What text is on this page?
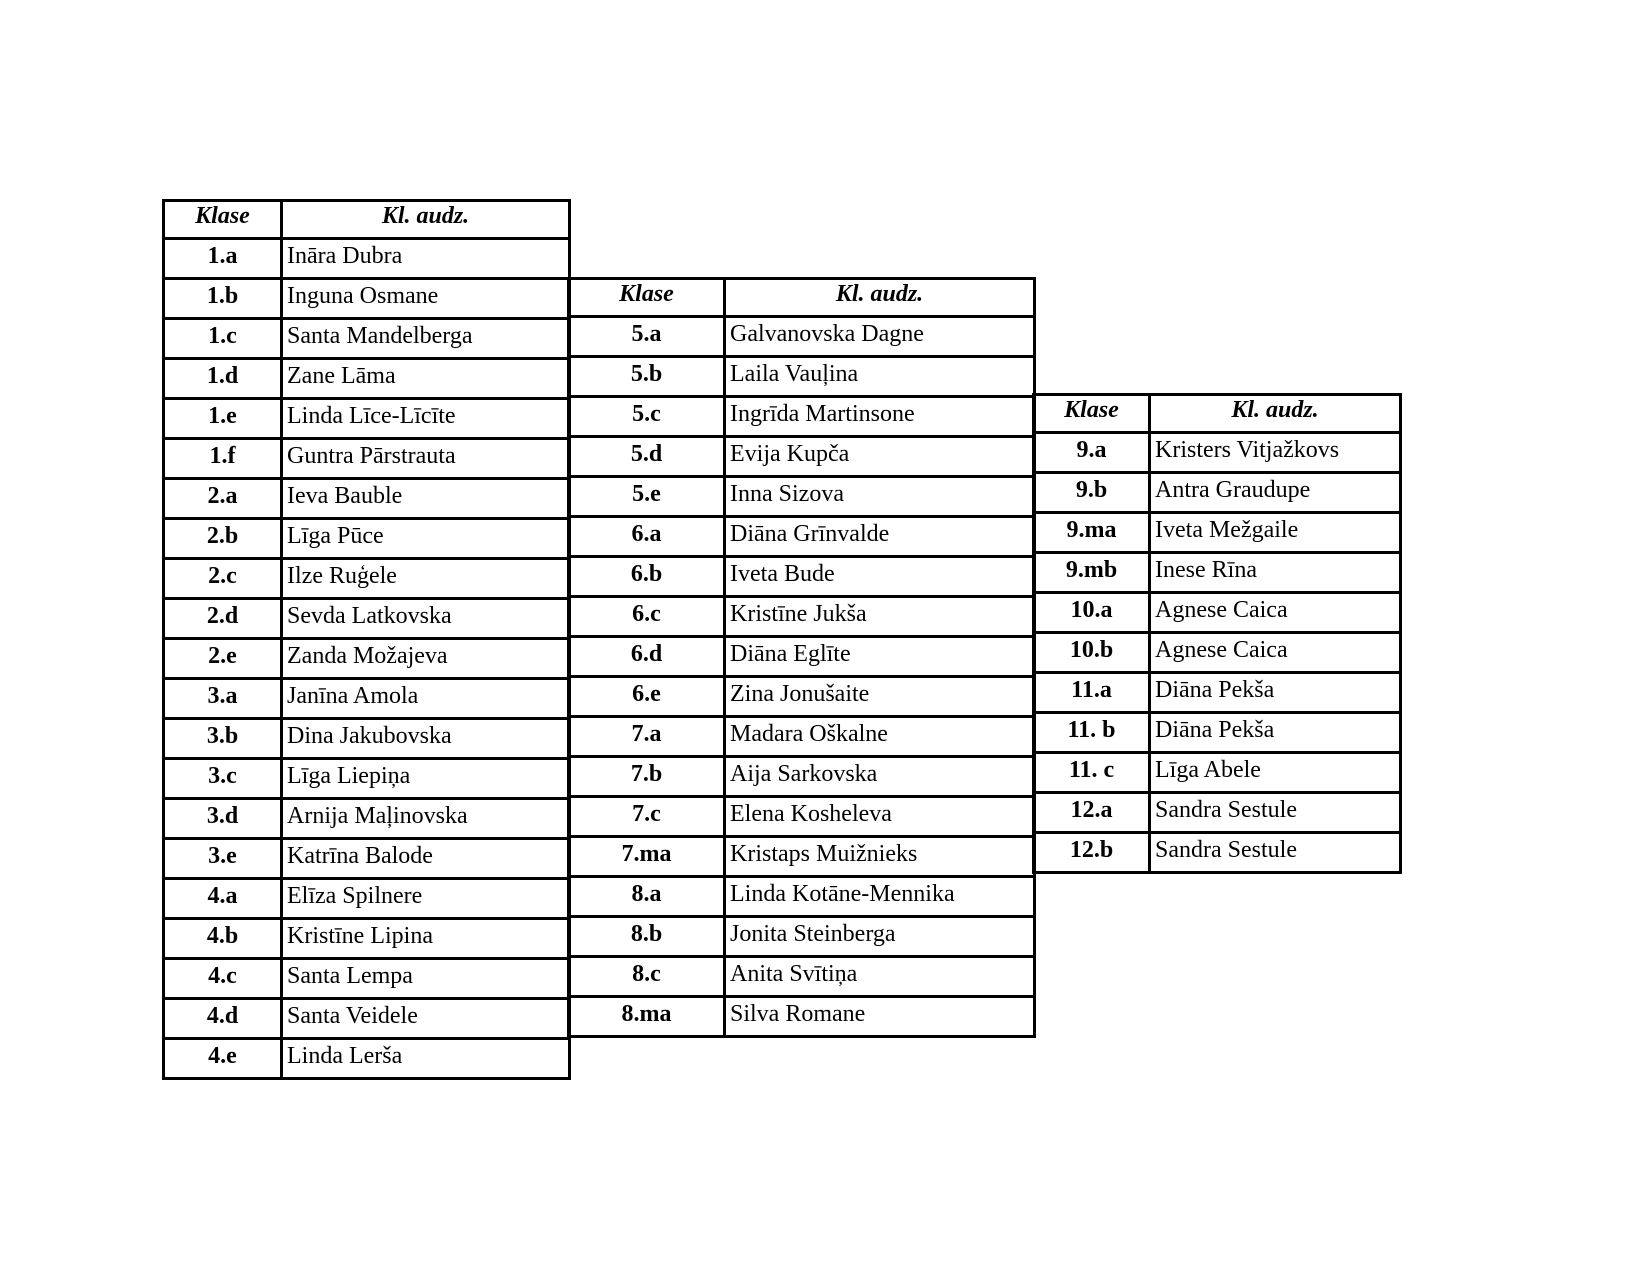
Klase	Kl. audz.
1.a	Ināra Dubra
1.b	Inguna Osmane
1.c	Santa Mandelberga
1.d	Zane Lāma
1.e	Linda Līce-Līcīte
1.f	Guntra Pārstrauta
2.a	Ieva Bauble
2.b	Līga Pūce
2.c	Ilze Ruģele
2.d	Sevda Latkovska
2.e	Zanda Možajeva
3.a	Janīna Amola
3.b	Dina Jakubovska
3.c	Līga Liepiņa
3.d	Arnija Maļinovska
3.e	Katrīna Balode
4.a	Elīza Spilnere
4.b	Kristīne Lipina
4.c	Santa Lempa
4.d	Santa Veidele
4.e	Linda Lerša
Klase	Kl. audz.
5.a	Galvanovska Dagne
5.b	Laila Vauļina
5.c	Ingrīda Martinsone
5.d	Evija Kupča
5.e	Inna Sizova
6.a	Diāna Grīnvalde
6.b	Iveta Bude
6.c	Kristīne Jukša
6.d	Diāna Eglīte
6.e	Zina Jonušaite
7.a	Madara Oškalne
7.b	Aija Sarkovska
7.c	Elena Kosheleva
7.ma	Kristaps Muižnieks
8.a	Linda Kotāne-Mennika
8.b	Jonita Steinberga
8.c	Anita Svītiņa
8.ma	Silva Romane
Klase	Kl. audz.
9.a	Kristers Vitjažkovs
9.b	Antra Graudupe
9.ma	Iveta Mežgaile
9.mb	Inese Rīna
10.a	Agnese Caica
10.b	Agnese Caica
11.a	Diāna Pekša
11. b	Diāna Pekša
11. c	Līga Abele
12.a	Sandra Sestule
12.b	Sandra Sestule
